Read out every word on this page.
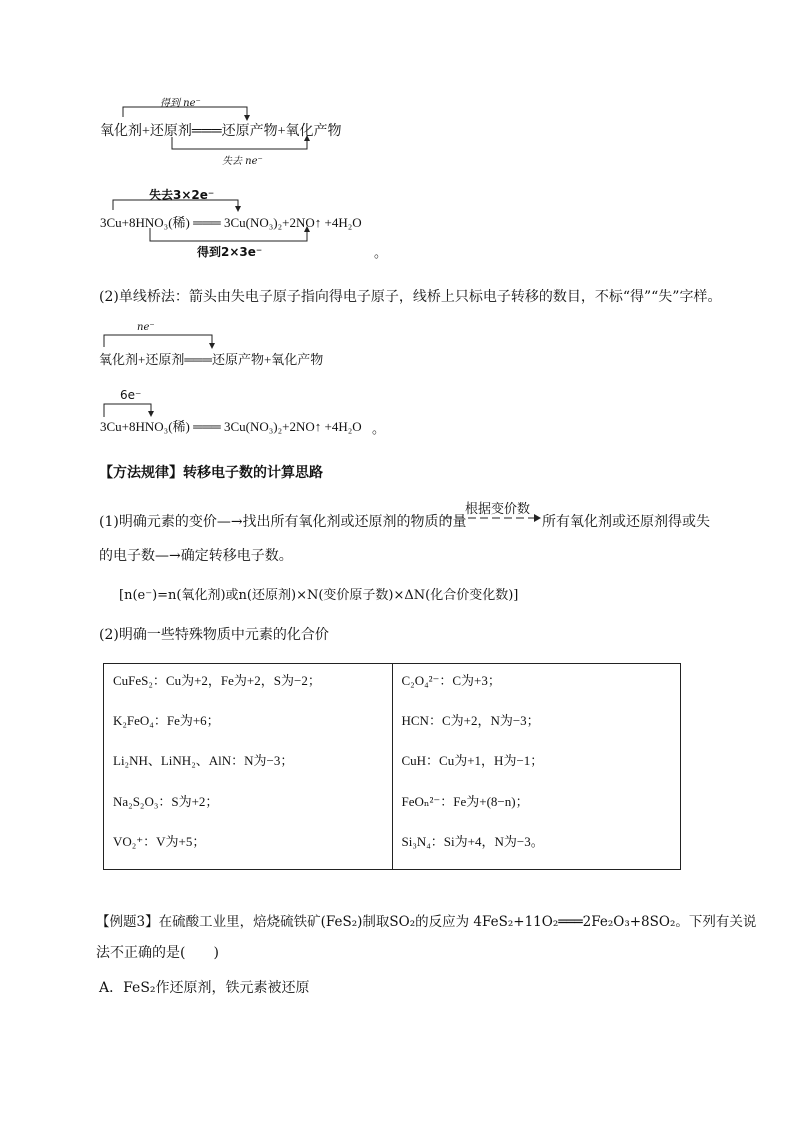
得到 ne⁻
氧化剂+还原剂═══还原产物+氧化产物
失去 ne⁻
失去3×2e⁻
3Cu+8HNO₃(稀) ═══ 3Cu(NO₃)₂+2NO↑ +4H₂O
得到2×3e⁻	。
(2)单线桥法：箭头由失电子原子指向得电子原子，线桥上只标电子转移的数目，不标“得”“失”字样。
ne⁻
氧化剂+还原剂═══还原产物+氧化产物
6e⁻
3Cu+8HNO₃(稀) ═══ 3Cu(NO₃)₂+2NO↑ +4H₂O 。
【方法规律】转移电子数的计算思路
(1)明确元素的变价—→找出所有氧化剂或还原剂的物质的量
根据变价数
所有氧化剂或还原剂得或失
的电子数—→确定转移电子数。
[n(e⁻)=n(氧化剂)或n(还原剂)×N(变价原子数)×ΔN(化合价变化数)]
(2)明确一些特殊物质中元素的化合价
CuFeS₂：Cu为+2，Fe为+2，S为−2；
K₂FeO₄：Fe为+6；
Li₂NH、LiNH₂、AlN：N为−3；
Na₂S₂O₃：S为+2；
VO₂⁺：V为+5；
C₂O₄²⁻：C为+3；
HCN：C为+2，N为−3；
CuH：Cu为+1，H为−1；
FeOₙ²⁻：Fe为+(8−n)；
Si₃N₄：Si为+4，N为−3。
【例题3】在硫酸工业里，焙烧硫铁矿(FeS₂)制取SO₂的反应为 4FeS₂+11O₂═══2Fe₂O₃+8SO₂。下列有关说
法不正确的是(　　)
A．FeS₂作还原剂，铁元素被还原
